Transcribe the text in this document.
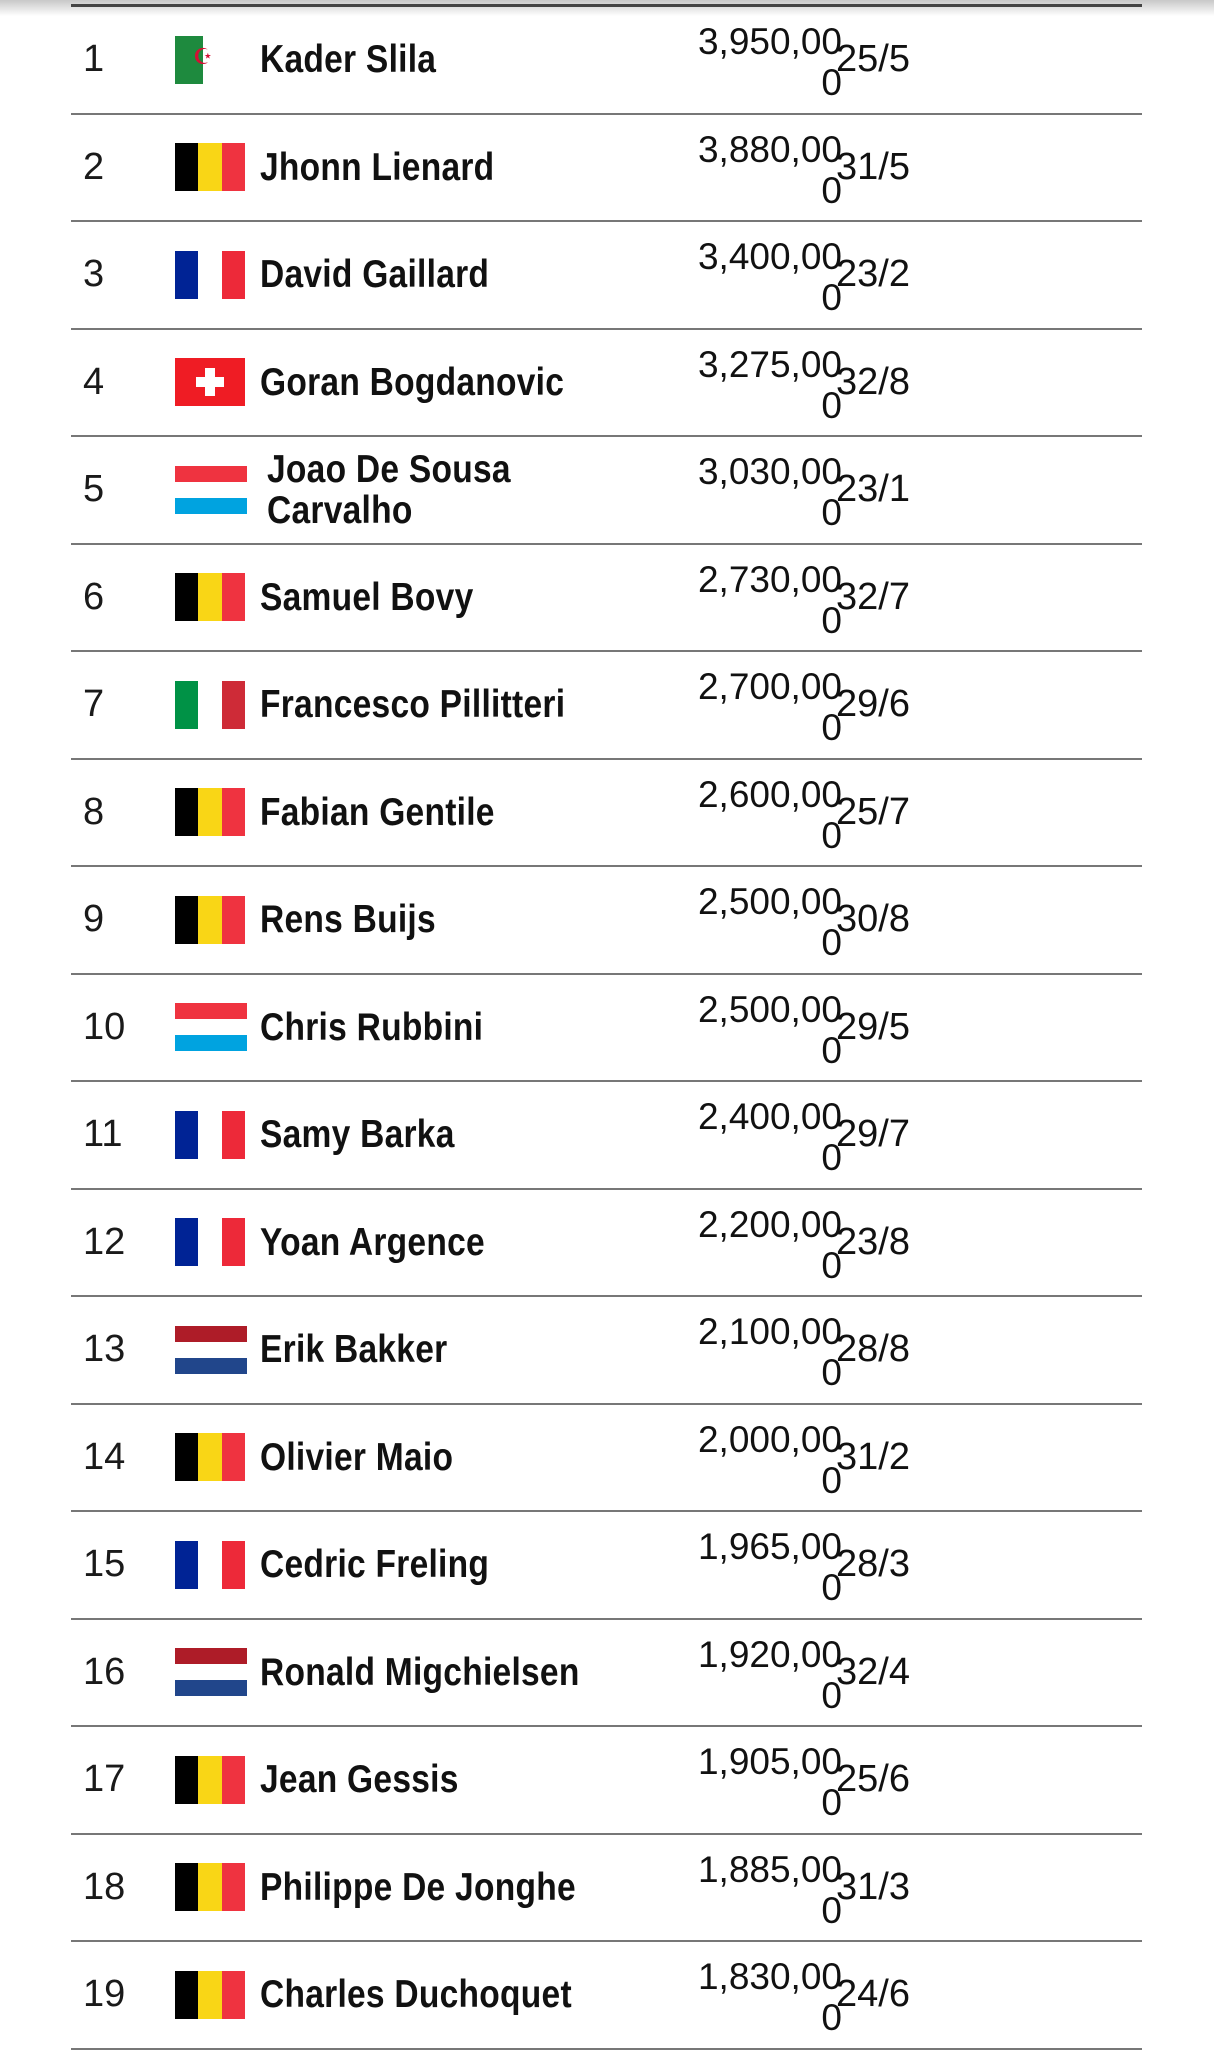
1
☪	Kader Slila	3,950,00
0
25/5
2	Jhonn Lienard	3,880,00
0
31/5
3	David Gaillard	3,400,00
0
23/2
4	Goran Bogdanovic	3,275,00
0
32/8
5	Joao De Sousa Carvalho
3,030,00
0
23/1
6	Samuel Bovy	2,730,00
0
32/7
7	Francesco Pillitteri	2,700,00
0
29/6
8	Fabian Gentile	2,600,00
0
25/7
9	Rens Buijs	2,500,00
0
30/8
10	Chris Rubbini	2,500,00
0
29/5
11	Samy Barka	2,400,00
0
29/7
12	Yoan Argence	2,200,00
0
23/8
13	Erik Bakker	2,100,00
0
28/8
14	Olivier Maio	2,000,00
0
31/2
15	Cedric Freling	1,965,00
0
28/3
16	Ronald Migchielsen	1,920,00
0
32/4
17	Jean Gessis	1,905,00
0
25/6
18	Philippe De Jonghe	1,885,00
0
31/3
19	Charles Duchoquet	1,830,00
0
24/6
